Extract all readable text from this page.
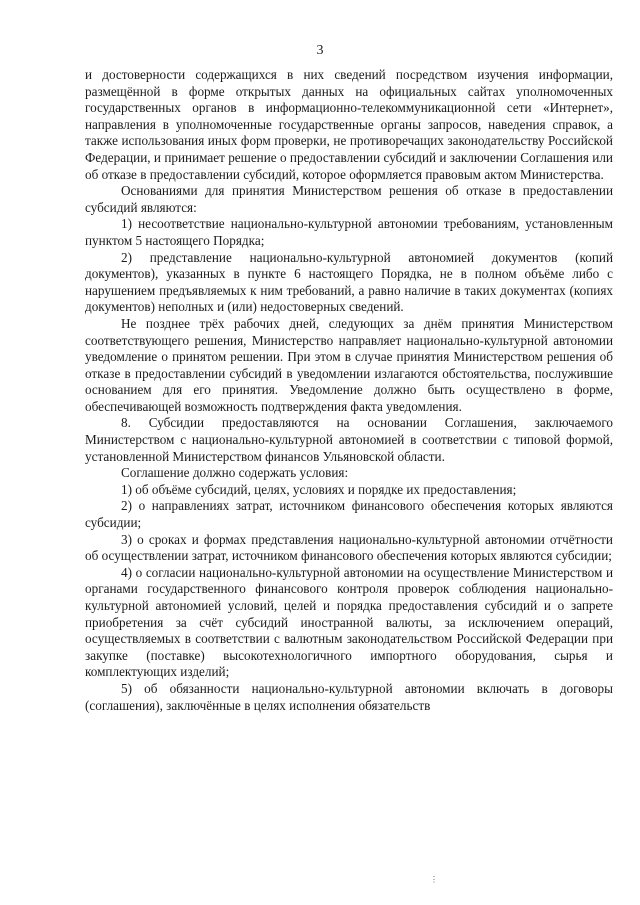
3

и достоверности содержащихся в них сведений посредством изучения информации, размещённой в форме открытых данных на официальных сайтах уполномоченных государственных органов в информационно-телекоммуникационной сети «Интернет», направления в уполномоченные государственные органы запросов, наведения справок, а также использования иных форм проверки, не противоречащих законодательству Российской Федерации, и принимает решение о предоставлении субсидий и заключении Соглашения или об отказе в предоставлении субсидий, которое оформляется правовым актом Министерства.

Основаниями для принятия Министерством решения об отказе в предоставлении субсидий являются:

1) несоответствие национально-культурной автономии требованиям, установленным пунктом 5 настоящего Порядка;

2) представление национально-культурной автономией документов (копий документов), указанных в пункте 6 настоящего Порядка, не в полном объёме либо с нарушением предъявляемых к ним требований, а равно наличие в таких документах (копиях документов) неполных и (или) недостоверных сведений.

Не позднее трёх рабочих дней, следующих за днём принятия Министерством соответствующего решения, Министерство направляет национально-культурной автономии уведомление о принятом решении. При этом в случае принятия Министерством решения об отказе в предоставлении субсидий в уведомлении излагаются обстоятельства, послужившие основанием для его принятия. Уведомление должно быть осуществлено в форме, обеспечивающей возможность подтверждения факта уведомления.

8. Субсидии предоставляются на основании Соглашения, заключаемого Министерством с национально-культурной автономией в соответствии с типовой формой, установленной Министерством финансов Ульяновской области.

Соглашение должно содержать условия:

1) об объёме субсидий, целях, условиях и порядке их предоставления;

2) о направлениях затрат, источником финансового обеспечения которых являются субсидии;

3) о сроках и формах представления национально-культурной автономии отчётности об осуществлении затрат, источником финансового обеспечения которых являются субсидии;

4) о согласии национально-культурной автономии на осуществление Министерством и органами государственного финансового контроля проверок соблюдения национально-культурной автономией условий, целей и порядка предоставления субсидий и о запрете приобретения за счёт субсидий иностранной валюты, за исключением операций, осуществляемых в соответствии с валютным законодательством Российской Федерации при закупке (поставке) высокотехнологичного импортного оборудования, сырья и комплектующих изделий;

5) об обязанности национально-культурной автономии включать в договоры (соглашения), заключённые в целях исполнения обязательств

⋮
